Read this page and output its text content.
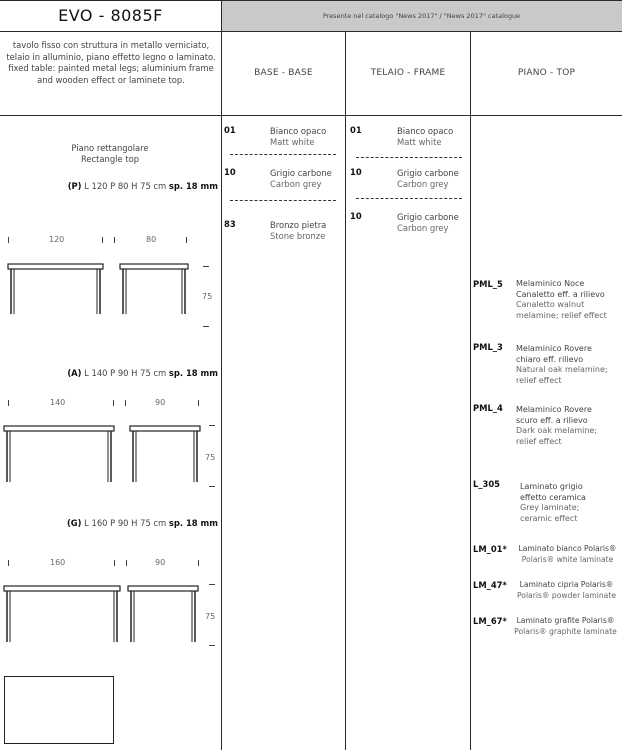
EVO - 8085F	Presente nel catalogo "News 2017" / "News 2017" catalogue
tavolo fisso con struttura in metallo verniciato, telaio in alluminio, piano effetto legno o laminato.
fixed table: painted metal legs; aluminium frame and wooden effect or laminete top.
BASE - BASE	TELAIO - FRAME	PIANO - TOP
Piano rettangolare
Rectangle top
(P) L 120 P 80 H 75 cm sp. 18 mm
120	80
75
(A) L 140 P 90 H 75 cm sp. 18 mm
140	90
75
(G) L 160 P 90 H 75 cm sp. 18 mm
160	90
75
01	Bianco opaco
Matt white
10	Grigio carbone
Carbon grey
83	Bronzo pietra
Stone bronze
01	Bianco opaco
Matt white
10	Grigio carbone
Carbon grey
10	Grigio carbone
Carbon grey
PML_5 Melaminico Noce
Canaletto eff. a rilievo
Canaletto walnut
melamine; relief effect
PML_3 Melaminico Rovere
chiaro eff. rilievo
Natural oak melamine;
relief effect
PML_4 Melaminico Rovere
scuro eff. a rilievo
Dark oak melamine;
relief effect
L_305 Laminato grigio
effetto ceramica
Grey laminate;
ceramic effect
LM_01*	Laminato bianco Polaris®
Polaris® white laminate
LM_47*	Laminato cipria Polaris®
Polaris® powder laminate
LM_67*	Laminato grafite Polaris®
Polaris® graphite laminate
